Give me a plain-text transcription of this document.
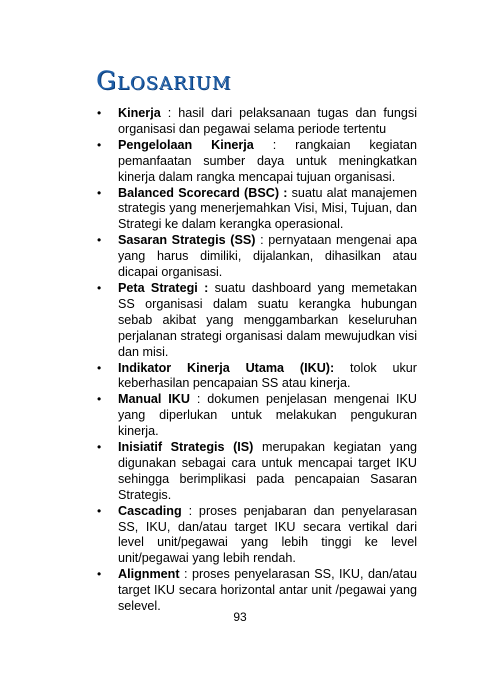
Glosarium
•	Kinerja : hasil dari pelaksanaan tugas dan fungsi organisasi dan pegawai selama periode tertentu
•	Pengelolaan Kinerja : rangkaian kegiatan pemanfaatan sumber daya untuk meningkatkan kinerja dalam rangka mencapai tujuan organisasi.
•	Balanced Scorecard (BSC) : suatu alat manajemen strategis yang menerjemahkan Visi, Misi, Tujuan, dan Strategi ke dalam kerangka operasional.
•	Sasaran Strategis (SS) : pernyataan mengenai apa yang harus dimiliki, dijalankan, dihasilkan atau dicapai organisasi.
•	Peta Strategi : suatu dashboard yang memetakan SS organisasi dalam suatu kerangka hubungan sebab akibat yang menggambarkan keseluruhan perjalanan strategi organisasi dalam mewujudkan visi dan misi.
•	Indikator Kinerja Utama (IKU): tolok ukur keberhasilan pencapaian SS atau kinerja.
•	Manual IKU : dokumen penjelasan mengenai IKU yang diperlukan untuk melakukan pengukuran kinerja.
•	Inisiatif Strategis (IS) merupakan kegiatan yang digunakan sebagai cara untuk mencapai target IKU sehingga berimplikasi pada pencapaian Sasaran Strategis.
•	Cascading : proses penjabaran dan penyelarasan SS, IKU, dan/atau target IKU secara vertikal dari level unit/pegawai yang lebih tinggi ke level unit/pegawai yang lebih rendah.
•	Alignment : proses penyelarasan SS, IKU, dan/atau target IKU secara horizontal antar unit /pegawai yang selevel.
93
